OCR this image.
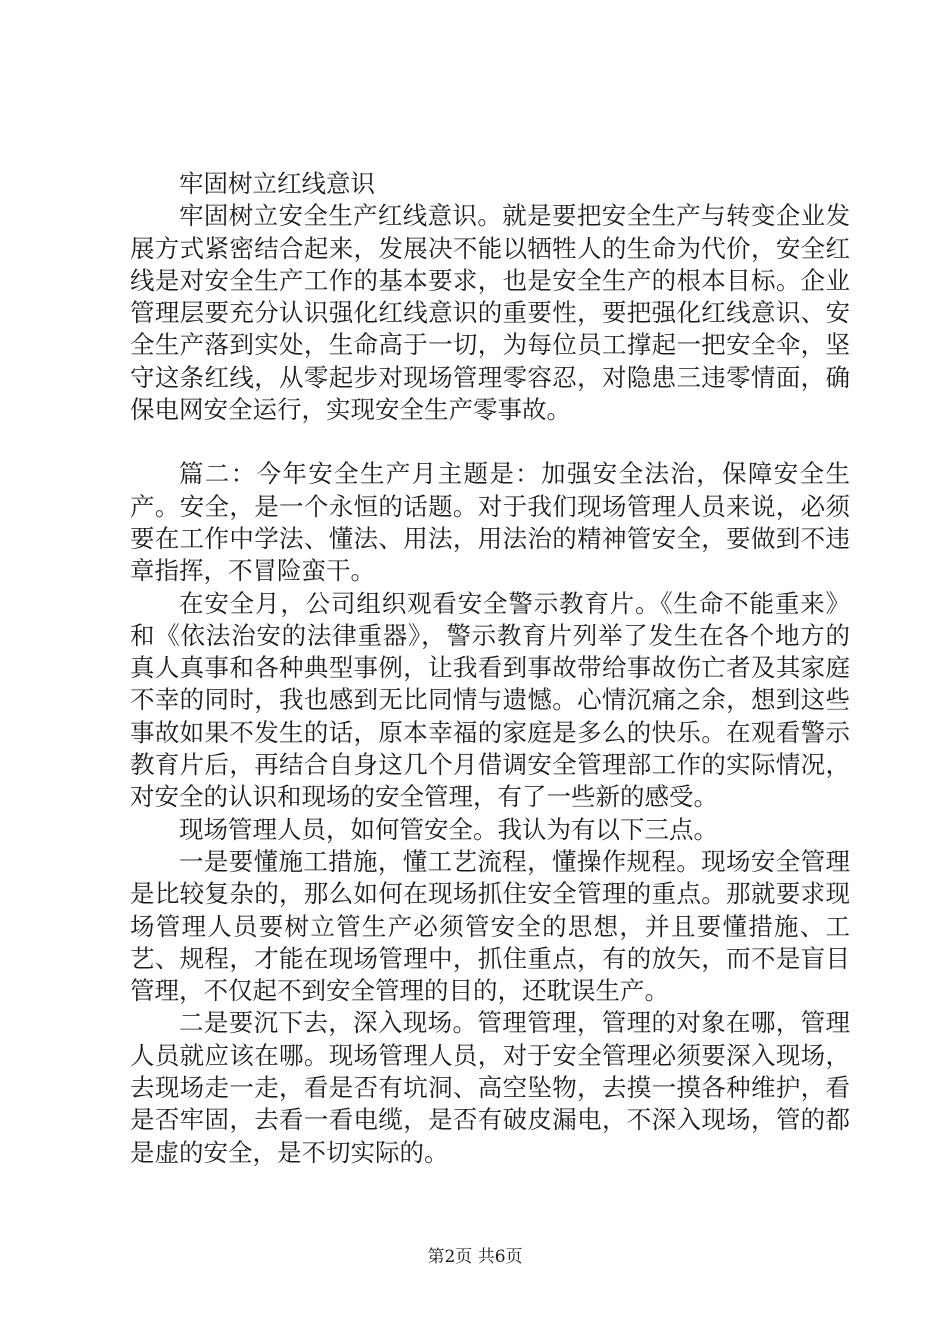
牢固树立红线意识

牢固树立安全生产红线意识。就是要把安全生产与转变企业发展方式紧密结合起来，发展决不能以牺牲人的生命为代价，安全红线是对安全生产工作的基本要求，也是安全生产的根本目标。企业管理层要充分认识强化红线意识的重要性，要把强化红线意识、安全生产落到实处，生命高于一切，为每位员工撑起一把安全伞，坚守这条红线，从零起步对现场管理零容忍，对隐患三违零情面，确保电网安全运行，实现安全生产零事故。

篇二：今年安全生产月主题是：加强安全法治，保障安全生产。安全，是一个永恒的话题。对于我们现场管理人员来说，必须要在工作中学法、懂法、用法，用法治的精神管安全，要做到不违章指挥，不冒险蛮干。

在安全月，公司组织观看安全警示教育片。《生命不能重来》和《依法治安的法律重器》，警示教育片列举了发生在各个地方的真人真事和各种典型事例，让我看到事故带给事故伤亡者及其家庭不幸的同时，我也感到无比同情与遗憾。心情沉痛之余，想到这些事故如果不发生的话，原本幸福的家庭是多么的快乐。在观看警示教育片后，再结合自身这几个月借调安全管理部工作的实际情况，对安全的认识和现场的安全管理，有了一些新的感受。

现场管理人员，如何管安全。我认为有以下三点。

一是要懂施工措施，懂工艺流程，懂操作规程。现场安全管理是比较复杂的，那么如何在现场抓住安全管理的重点。那就要求现场管理人员要树立管生产必须管安全的思想，并且要懂措施、工艺、规程，才能在现场管理中，抓住重点，有的放矢，而不是盲目管理，不仅起不到安全管理的目的，还耽误生产。

二是要沉下去，深入现场。管理管理，管理的对象在哪，管理人员就应该在哪。现场管理人员，对于安全管理必须要深入现场，去现场走一走，看是否有坑洞、高空坠物，去摸一摸各种维护，看是否牢固，去看一看电缆，是否有破皮漏电，不深入现场，管的都是虚的安全，是不切实际的。

第2页 共6页
